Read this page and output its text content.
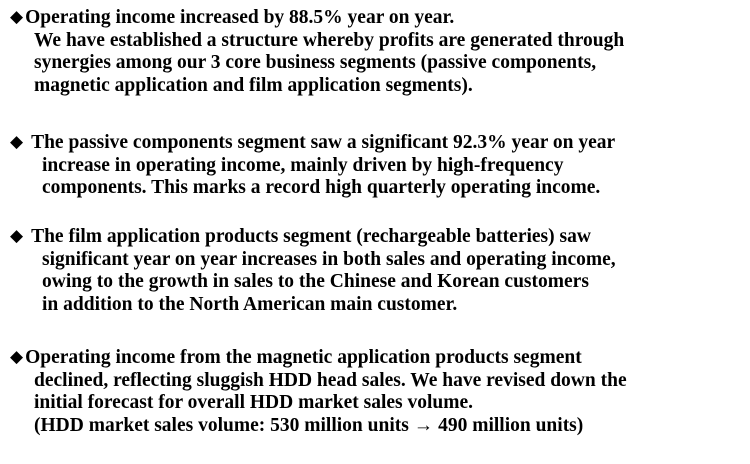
◆ Operating income increased by 88.5% year on year.
We have established a structure whereby profits are generated through
synergies among our 3 core business segments (passive components,
magnetic application and film application segments).
◆ The passive components segment saw a significant 92.3% year on year
increase in operating income, mainly driven by high-frequency
components. This marks a record high quarterly operating income.
◆ The film application products segment (rechargeable batteries) saw
significant year on year increases in both sales and operating income,
owing to the growth in sales to the Chinese and Korean customers
in addition to the North American main customer.
◆ Operating income from the magnetic application products segment
declined, reflecting sluggish HDD head sales. We have revised down the
initial forecast for overall HDD market sales volume.
(HDD market sales volume: 530 million units → 490 million units)
